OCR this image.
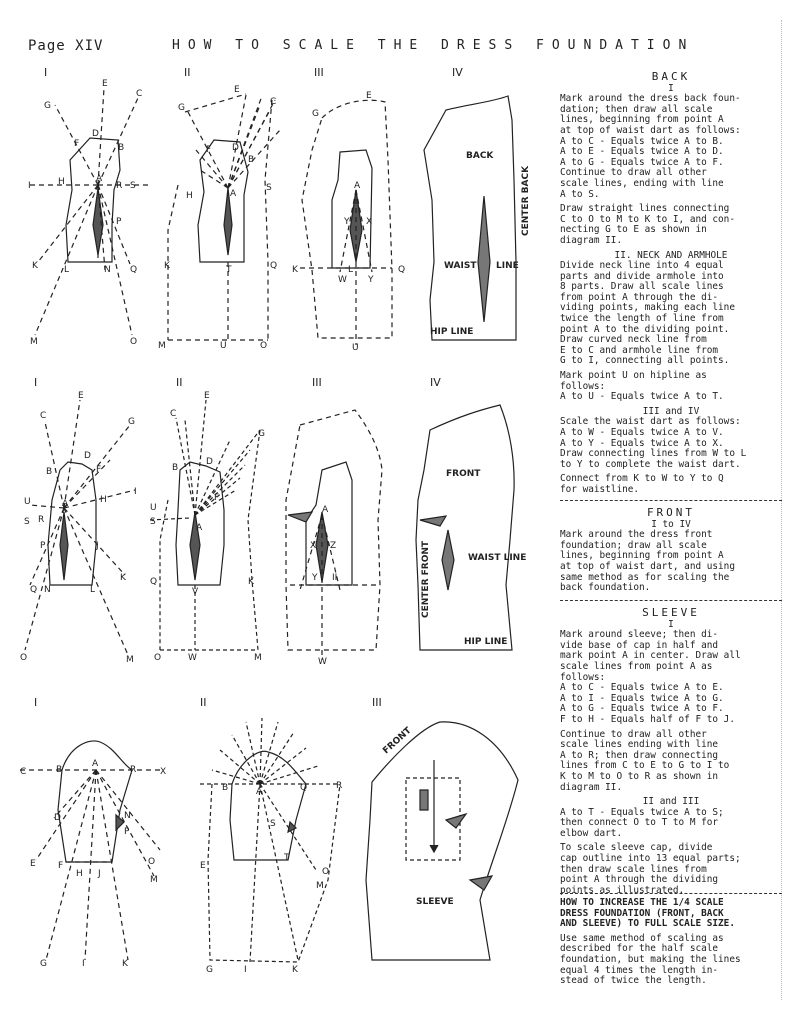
Page XIV	HOW TO SCALE THE DRESS FOUNDATION
I	II	III	IV
I	II	III	IV
I	II	III
G
E
C
F
D
B
I	H	A
R S
P
K	L	N Q
M	O
G
E
C
F D
B
H	A
S
K	T	Q
M	U	O
G
E
A
Y X
K
W
L
Y
Q
U
BACK
WAIST LINE
HIP LINE
CENTER BACK
C
E
G
B
D
F
U
S R
A	H
I
P	J
K
Q N	L
O	M
C
E
G
B
D
F
U
S
A
Q
V
K
O	W	M
A
X Z
Y II
W
FRONT
WAIST LINE
HIP LINE
CENTER FRONT
C	B
A
R	X
D	N
P
E F
H J
O
M
G	I	K
B	A	Q	R
S
T
E
O
M
G	I	K
FRONT
SLEEVE
BACK
I

Mark around the dress back foun-
dation; then draw all scale
lines, beginning from point A
at top of waist dart as follows:
A to C - Equals twice A to B.
A to E - Equals twice A to D.
A to G - Equals twice A to F.
Continue to draw all other
scale lines, ending with line
A to S.

Draw straight lines connecting
C to O to M to K to I, and con-
necting G to E as shown in
diagram II.

II. NECK AND ARMHOLE

Divide neck line into 4 equal
parts and divide armhole into
8 parts. Draw all scale lines
from point A through the di-
viding points, making each line
twice the length of line from
point A to the dividing point.
Draw curved neck line from
E to C and armhole line from
G to I, connecting all points.

Mark point U on hipline as
follows:
A to U - Equals twice A to T.

III and IV

Scale the waist dart as follows:
A to W - Equals twice A to V.
A to Y - Equals twice A to X.
Draw connecting lines from W to L
to Y to complete the waist dart.

Connect from K to W to Y to Q
for waistline.

FRONT
I to IV

Mark around the dress front
foundation; draw all scale
lines, beginning from point A
at top of waist dart, and using
same method as for scaling the
back foundation.

SLEEVE
I

Mark around sleeve; then di-
vide base of cap in half and
mark point A in center. Draw all
scale lines from point A as
follows:
A to C - Equals twice A to E.
A to I - Equals twice A to G.
A to G - Equals twice A to F.
F to H - Equals half of F to J.

Continue to draw all other
scale lines ending with line
A to R; then draw connecting
lines from C to E to G to I to
K to M to O to R as shown in
diagram II.

II and III

A to T - Equals twice A to S;
then connect O to T to M for
elbow dart.

To scale sleeve cap, divide
cap outline into 13 equal parts;
then draw scale lines from
point A through the dividing
points as illustrated.

HOW TO INCREASE THE 1/4 SCALE
DRESS FOUNDATION (FRONT, BACK
AND SLEEVE) TO FULL SCALE SIZE.

Use same method of scaling as
described for the half scale
foundation, but making the lines
equal 4 times the length in-
stead of twice the length.
